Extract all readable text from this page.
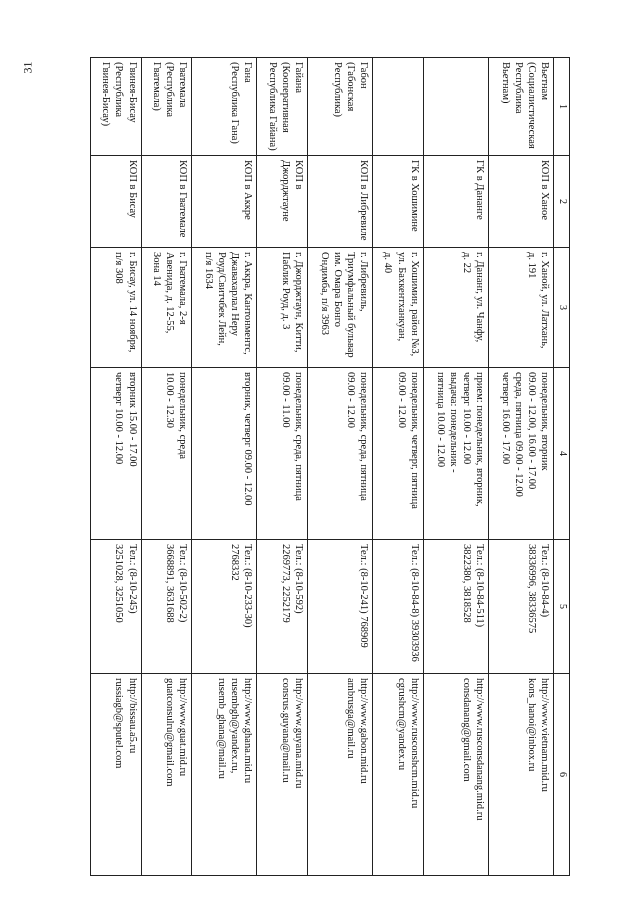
31
1	2	3	4	5	6

Вьетнам
(Социалистическая
Республика
Вьетнам)	КОП в Ханое	г. Ханой, ул. Латхань,
д. 191	понедельник, вторник
09.00 - 12.00, 16.00 - 17.00
среда, пятница 09.00 - 12.00
четверг 16.00 - 17.00	Тел.: (8-10-84-4)
38336996, 38336575	http://www.vietnam.mid.ru
kons_hanoi@inbox.ru

	ГК в Дананге	г. Дананг, ул. Чанфу,
д. 22	прием: понедельник, вторник,
четверг 10.00 - 12.00
выдача: понедельник -
пятница 10.00 - 12.00	Тел.: (8-10-84-511)
3822380, 3818528	http://www.rusconsdanang.mid.ru
consdanang@gmail.com

	ГК в Хошимине	г. Хошимин, район №3,
ул. Бахкентханкуан,
д. 40	понедельник, четверг, пятница
09.00 - 12.00	Тел.: (8-10-84-8) 39303936	http://www.rusconshcm.mid.ru
cgrushcm@yandex.ru

Габон
(Габонская
Республика)	КОП в Либревиле	г. Либревиль,
Триумфальный бульвар
им. Омара Бонго
Ондимба, п/я 3963	понедельник, среда, пятница
09.00 - 12.00	Тел.: (8-10-241) 768909	http://www.gabon.mid.ru
ambrusga@mail.ru

Гайана
(Кооперативная
Республика Гайана)	КОП в
Джорджтауне	г. Джорджтаун, Китти,
Паблик Роуд, д. 3	понедельник, среда, пятница
09.00 - 11.00	Тел.: (8-10-592)
2269773, 2252179	http://www.guyana.mid.ru
consrus.guyana@mail.ru

Гана
(Республика Гана)	КОП в Аккре	г. Аккра, Кантонментс,
Джавахарлал Неру
Роуд/Свитчбек Лейн,
п/я 1634	вторник, четверг 09.00 - 12.00	Тел.: (8-10-233-30)
2768332	http://www.ghana.mid.ru
rusembgh@yandex.ru,
rusemb_ghana@mail.ru

Гватемала
(Республика
Гватемала)	КОП в Гватемале	г. Гватемала, 2-я
Авенида, д. 12-55,
Зона 14	понедельник, среда
10.00 - 12.30	Тел.: (8-10-502-2)
3668891, 3631688	http://www.guat.mid.ru
guatconsulru@gmail.com

Гвинея-Бисау
(Республика
Гвинея-Бисау)	КОП в Бисау	г. Бисау, ул. 14 ноября,
п/я 308	вторник 15.00 - 17.00
четверг 10.00 - 12.00	Тел.: (8-10-245)
3251028, 3251050	http://bissau.a5.ru
russiagb@sputel.com
